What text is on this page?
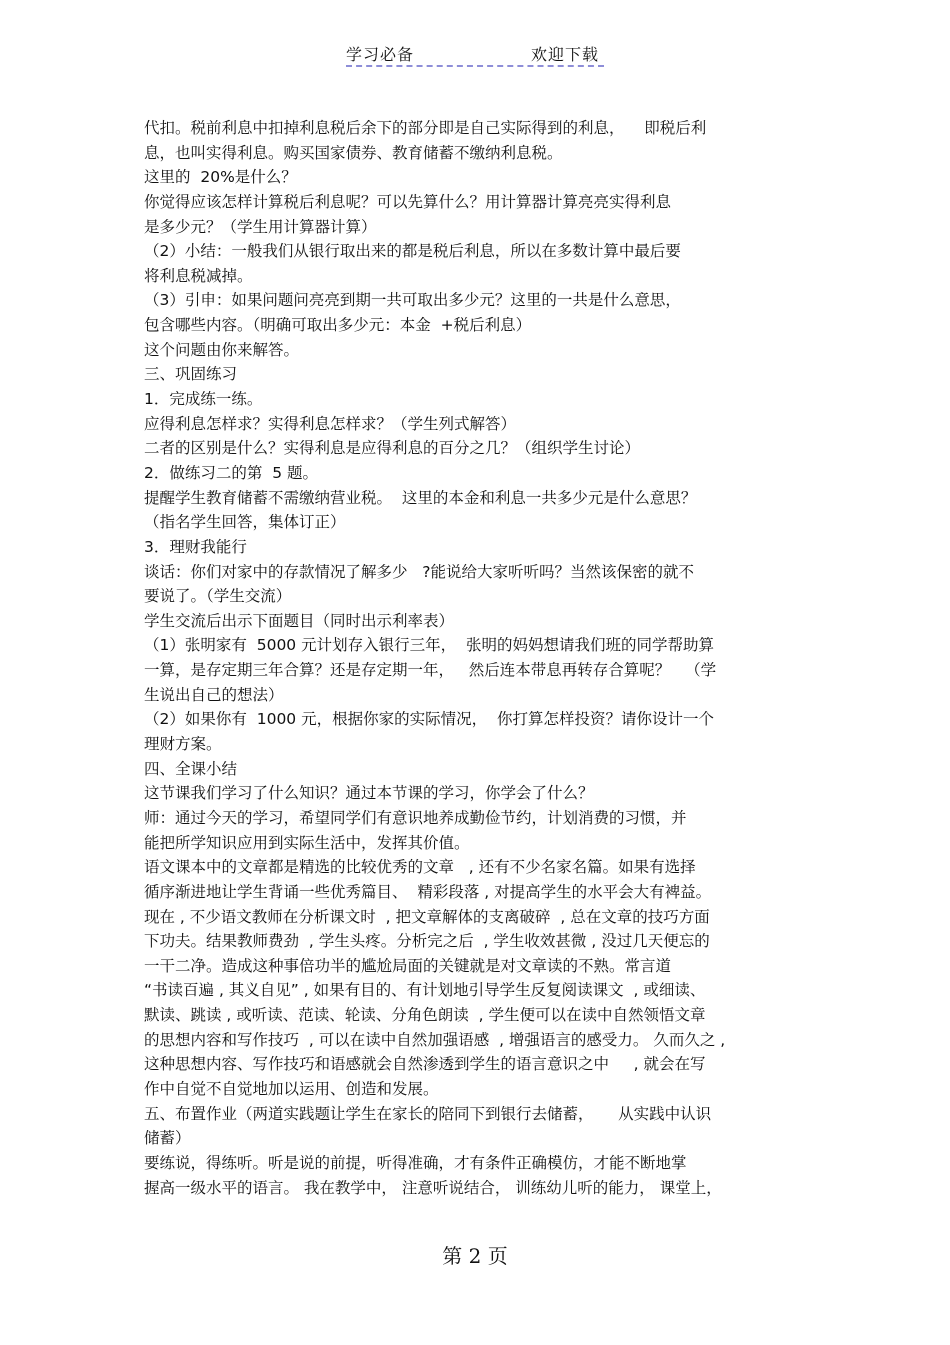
学习必备	欢迎下载
代扣。税前利息中扣掉利息税后余下的部分即是自己实际得到的利息，    即税后利
息，也叫实得利息。购买国家债券、教育储蓄不缴纳利息税。
这里的  20%是什么？
你觉得应该怎样计算税后利息呢？可以先算什么？用计算器计算亮亮实得利息
是多少元？（学生用计算器计算）
（2）小结：一般我们从银行取出来的都是税后利息，所以在多数计算中最后要
将利息税减掉。
（3）引申：如果问题问亮亮到期一共可取出多少元？这里的一共是什么意思，
包含哪些内容。（明确可取出多少元：本金  +税后利息）
这个问题由你来解答。
三、巩固练习
1．完成练一练。
应得利息怎样求？实得利息怎样求？（学生列式解答）
二者的区别是什么？实得利息是应得利息的百分之几？（组织学生讨论）
2．做练习二的第  5 题。
提醒学生教育储蓄不需缴纳营业税。  这里的本金和利息一共多少元是什么意思？
（指名学生回答，集体订正）
3．理财我能行
谈话：你们对家中的存款情况了解多少   ?能说给大家听听吗？当然该保密的就不
要说了。（学生交流）
学生交流后出示下面题目（同时出示利率表）
（1）张明家有  5000 元计划存入银行三年，  张明的妈妈想请我们班的同学帮助算
一算，是存定期三年合算？还是存定期一年，   然后连本带息再转存合算呢？   （学
生说出自己的想法）
（2）如果你有  1000 元，根据你家的实际情况，  你打算怎样投资？请你设计一个
理财方案。
四、全课小结
这节课我们学习了什么知识？通过本节课的学习，你学会了什么？
师：通过今天的学习，希望同学们有意识地养成勤俭节约，计划消费的习惯，并
能把所学知识应用到实际生活中，发挥其价值。
语文课本中的文章都是精选的比较优秀的文章   , 还有不少名家名篇。如果有选择
循序渐进地让学生背诵一些优秀篇目、  精彩段落 , 对提高学生的水平会大有裨益。
现在 , 不少语文教师在分析课文时  , 把文章解体的支离破碎  , 总在文章的技巧方面
下功夫。结果教师费劲  , 学生头疼。分析完之后  , 学生收效甚微 , 没过几天便忘的
一干二净。造成这种事倍功半的尴尬局面的关键就是对文章读的不熟。常言道
“书读百遍 , 其义自见” , 如果有目的、有计划地引导学生反复阅读课文  , 或细读、
默读、跳读 , 或听读、范读、轮读、分角色朗读  , 学生便可以在读中自然领悟文章
的思想内容和写作技巧  , 可以在读中自然加强语感  , 增强语言的感受力。 久而久之 ,
这种思想内容、写作技巧和语感就会自然渗透到学生的语言意识之中     , 就会在写
作中自觉不自觉地加以运用、创造和发展。
五、布置作业（两道实践题让学生在家长的陪同下到银行去储蓄，     从实践中认识
储蓄）
要练说，得练听。听是说的前提，听得准确，才有条件正确模仿，才能不断地掌
握高一级水平的语言。 我在教学中， 注意听说结合， 训练幼儿听的能力， 课堂上，
第 2 页
